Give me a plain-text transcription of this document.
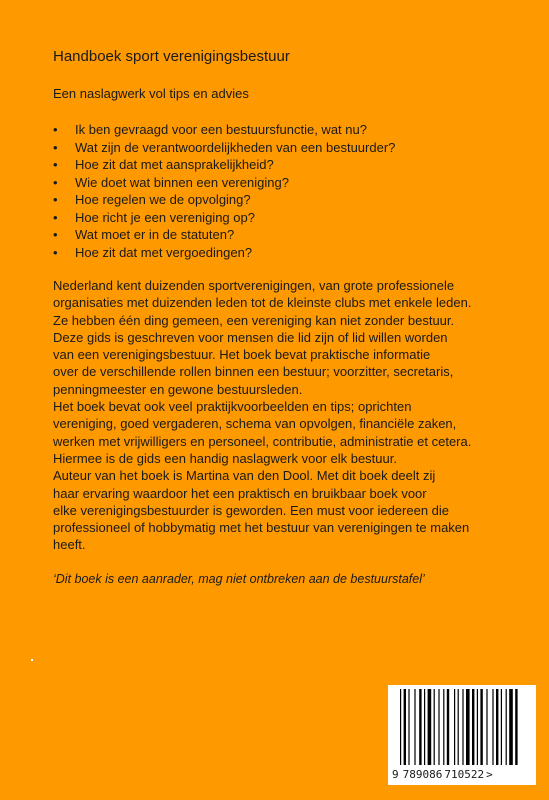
Handboek sport verenigingsbestuur

Een naslagwerk vol tips en advies

•	Ik ben gevraagd voor een bestuursfunctie, wat nu?
•	Wat zijn de verantwoordelijkheden van een bestuurder?
•	Hoe zit dat met aansprakelijkheid?
•	Wie doet wat binnen een vereniging?
•	Hoe regelen we de opvolging?
•	Hoe richt je een vereniging op?
•	Wat moet er in de statuten?
•	Hoe zit dat met vergoedingen?
Nederland kent duizenden sportverenigingen, van grote professionele
organisaties met duizenden leden tot de kleinste clubs met enkele leden.
Ze hebben één ding gemeen, een vereniging kan niet zonder bestuur.
Deze gids is geschreven voor mensen die lid zijn of lid willen worden
van een verenigingsbestuur. Het boek bevat praktische informatie
over de verschillende rollen binnen een bestuur; voorzitter, secretaris,
penningmeester en gewone bestuursleden.
Het boek bevat ook veel praktijkvoorbeelden en tips; oprichten
vereniging, goed vergaderen, schema van opvolgen, financiële zaken,
werken met vrijwilligers en personeel, contributie, administratie et cetera.
Hiermee is de gids een handig naslagwerk voor elk bestuur.
Auteur van het boek is Martina van den Dool. Met dit boek deelt zij
haar ervaring waardoor het een praktisch en bruikbaar boek voor
elke verenigingsbestuurder is geworden. Een must voor iedereen die
professioneel of hobbymatig met het bestuur van verenigingen te maken
heeft.

‘Dit boek is een aanrader, mag niet ontbreken aan de bestuurstafel’

9 789086 710522 >
